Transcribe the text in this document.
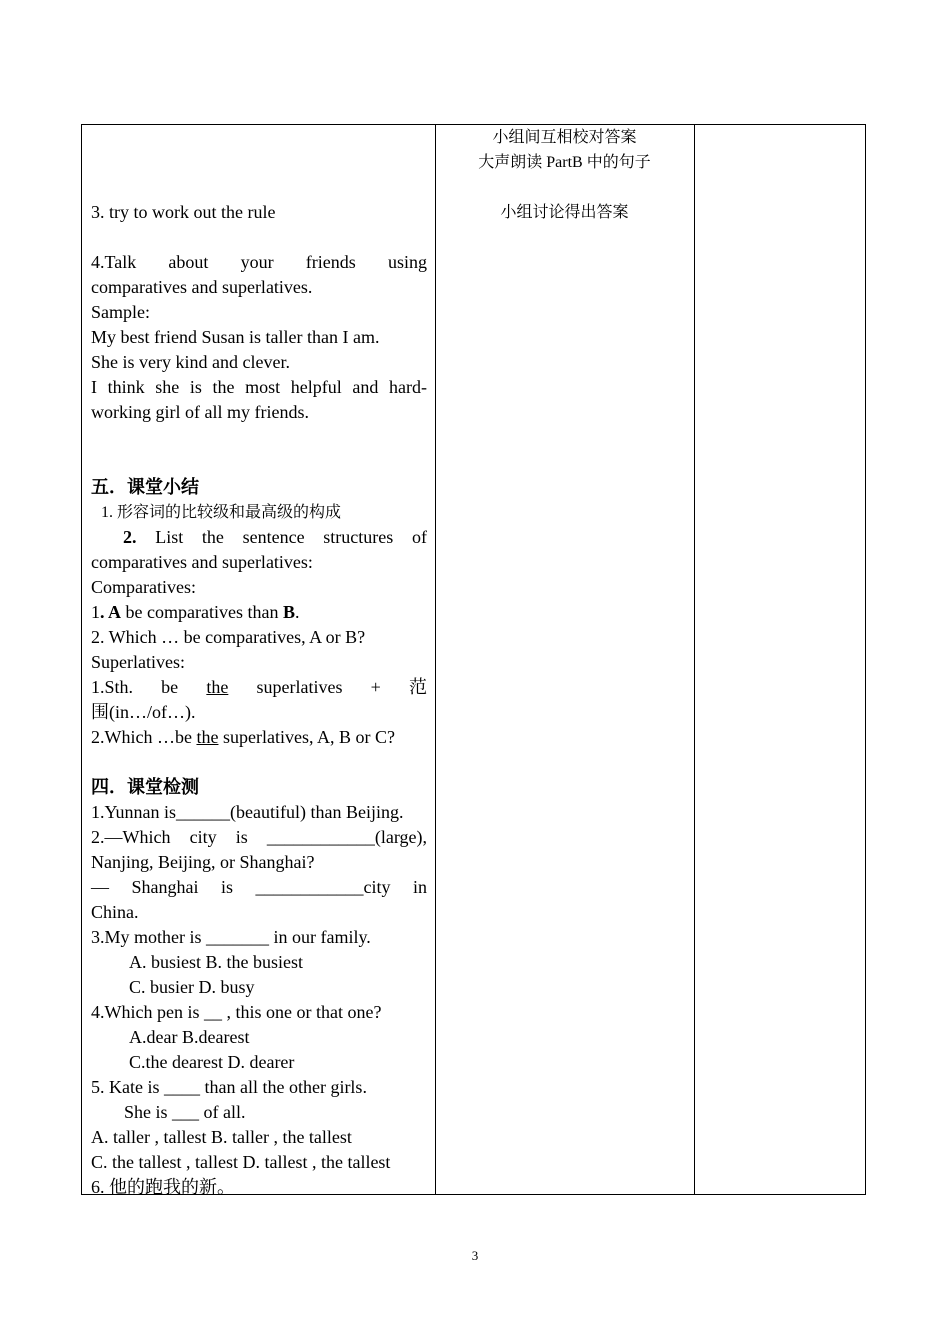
3. try to work out the rule
4.Talk about your friends using
comparatives and superlatives.
Sample:
My best friend Susan is taller than I am.
She is very kind and clever.
I think she is the most helpful and hard-
working girl of all my friends.
五．课堂小结
1. 形容词的比较级和最高级的构成
2. List the sentence structures of
comparatives and superlatives:
Comparatives:
1. A be comparatives than B.
2. Which … be comparatives, A or B?
Superlatives:
1.Sth. be the superlatives + 范
围(in…/of…).
2.Which …be the superlatives, A, B or C?
四．课堂检测
1.Yunnan is______(beautiful) than Beijing.
2.—Which city is ____________(large),
Nanjing, Beijing, or Shanghai?
— Shanghai is ____________city in
China.
3.My mother is _______ in our family.
A. busiest B. the busiest
C. busier D. busy
4.Which pen is __ , this one or that one?
A.dear B.dearest
C.the dearest D. dearer
5. Kate is ____ than all the other girls.
She is ___ of all.
A. taller , tallest B. taller , the tallest
C. the tallest , tallest D. tallest , the tallest
6. 他的跑我的新。
小组间互相校对答案
大声朗读 PartB 中的句子
小组讨论得出答案
3
